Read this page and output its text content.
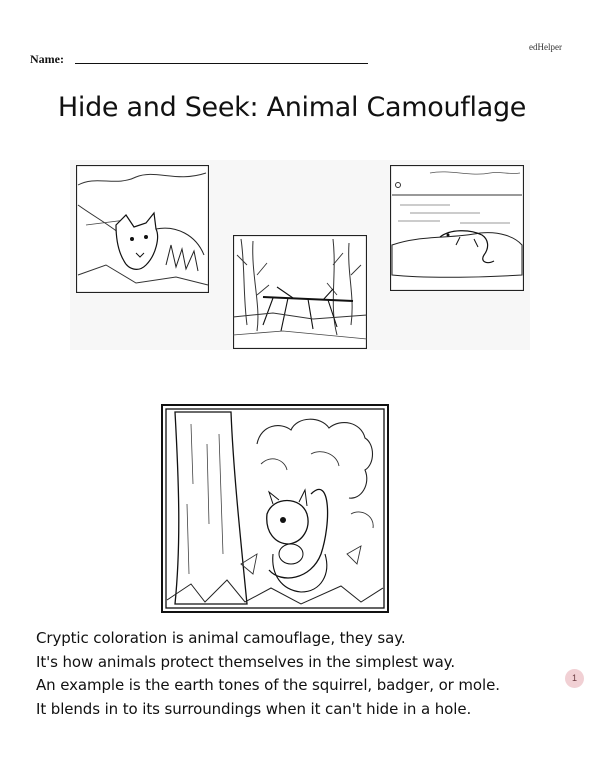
edHelper
Name:
Hide and Seek: Animal Camouflage
Cryptic coloration is animal camouflage, they say.
It's how animals protect themselves in the simplest way.
An example is the earth tones of the squirrel, badger, or mole.
It blends in to its surroundings when it can't hide in a hole.
1
